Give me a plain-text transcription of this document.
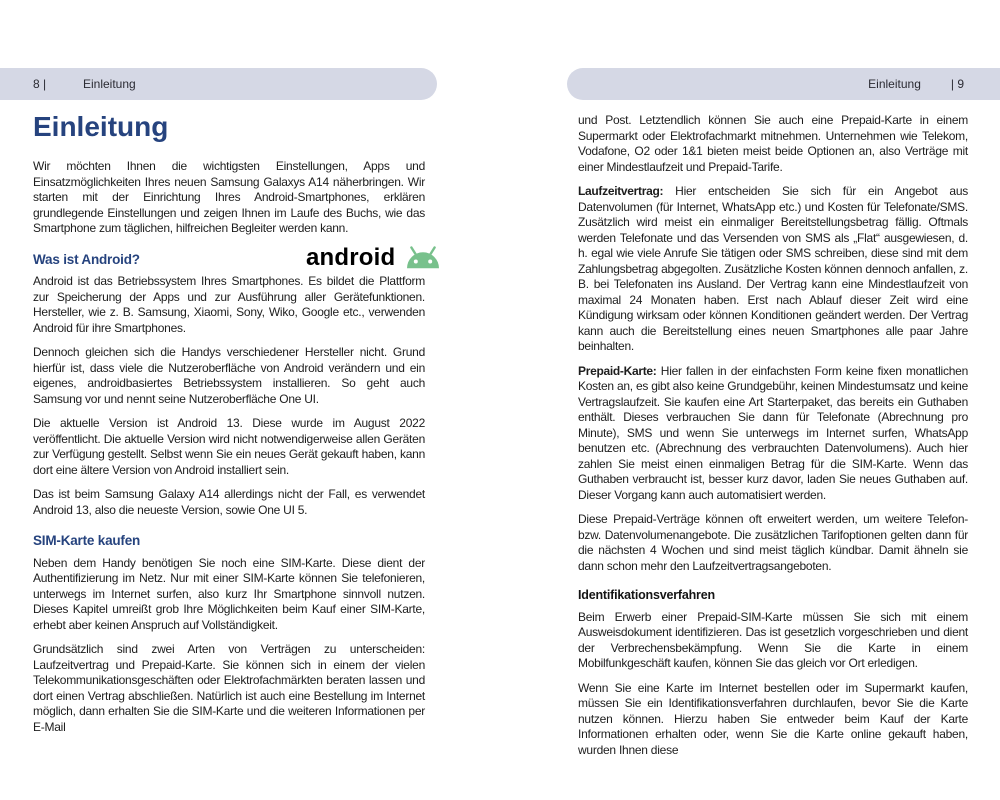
8 |	Einleitung	Einleitung	| 9
Einleitung

Wir möchten Ihnen die wichtigsten Einstellungen, Apps und Einsatzmöglichkeiten Ihres neuen Samsung Galaxys A14 näherbringen. Wir starten mit der Einrichtung Ihres Android-Smartphones, erklären grundlegende Einstellungen und zeigen Ihnen im Laufe des Buchs, wie das Smartphone zum täglichen, hilfreichen Begleiter werden kann.

Was ist Android?

Android ist das Betriebssystem Ihres Smartphones. Es bildet die Plattform zur Speicherung der Apps und zur Ausführung aller Gerätefunktionen. Hersteller, wie z. B. Samsung, Xiaomi, Sony, Wiko, Google etc., verwenden Android für ihre Smartphones.

Dennoch gleichen sich die Handys verschiedener Hersteller nicht. Grund hierfür ist, dass viele die Nutzeroberfläche von Android verändern und ein eigenes, androidbasiertes Betriebssystem installieren. So geht auch Samsung vor und nennt seine Nutzeroberfläche One UI.

Die aktuelle Version ist Android 13. Diese wurde im August 2022 veröffentlicht. Die aktuelle Version wird nicht notwendigerweise allen Geräten zur Verfügung gestellt. Selbst wenn Sie ein neues Gerät gekauft haben, kann dort eine ältere Version von Android installiert sein.

Das ist beim Samsung Galaxy A14 allerdings nicht der Fall, es verwendet Android 13, also die neueste Version, sowie One UI 5.

SIM-Karte kaufen

Neben dem Handy benötigen Sie noch eine SIM-Karte. Diese dient der Authentifizierung im Netz. Nur mit einer SIM-Karte können Sie telefonieren, unterwegs im Internet surfen, also kurz Ihr Smartphone sinnvoll nutzen. Dieses Kapitel umreißt grob Ihre Möglichkeiten beim Kauf einer SIM-Karte, erhebt aber keinen Anspruch auf Vollständigkeit.

Grundsätzlich sind zwei Arten von Verträgen zu unterscheiden: Laufzeitvertrag und Prepaid-Karte. Sie können sich in einem der vielen Telekommunikationsgeschäften oder Elektrofachmärkten beraten lassen und dort einen Vertrag abschließen. Natürlich ist auch eine Bestellung im Internet möglich, dann erhalten Sie die SIM-Karte und die weiteren Informationen per E-Mail

android

und Post. Letztendlich können Sie auch eine Prepaid-Karte in einem Supermarkt oder Elektrofachmarkt mitnehmen. Unternehmen wie Telekom, Vodafone, O2 oder 1&1 bieten meist beide Optionen an, also Verträge mit einer Mindestlaufzeit und Prepaid-Tarife.

Laufzeitvertrag: Hier entscheiden Sie sich für ein Angebot aus Datenvolumen (für Internet, WhatsApp etc.) und Kosten für Telefonate/SMS. Zusätzlich wird meist ein einmaliger Bereitstellungsbetrag fällig. Oftmals werden Telefonate und das Versenden von SMS als „Flat“ ausgewiesen, d. h. egal wie viele Anrufe Sie tätigen oder SMS schreiben, diese sind mit dem Zahlungsbetrag abgegolten. Zusätzliche Kosten können dennoch anfallen, z. B. bei Telefonaten ins Ausland. Der Vertrag kann eine Mindestlaufzeit von maximal 24 Monaten haben. Erst nach Ablauf dieser Zeit wird eine Kündigung wirksam oder können Konditionen geändert werden. Der Vertrag kann auch die Bereitstellung eines neuen Smartphones alle paar Jahre beinhalten.

Prepaid-Karte: Hier fallen in der einfachsten Form keine fixen monatlichen Kosten an, es gibt also keine Grundgebühr, keinen Mindestumsatz und keine Vertragslaufzeit. Sie kaufen eine Art Starterpaket, das bereits ein Guthaben enthält. Dieses verbrauchen Sie dann für Telefonate (Abrechnung pro Minute), SMS und wenn Sie unterwegs im Internet surfen, WhatsApp benutzen etc. (Abrechnung des verbrauchten Datenvolumens). Auch hier zahlen Sie meist einen einmaligen Betrag für die SIM-Karte. Wenn das Guthaben verbraucht ist, besser kurz davor, laden Sie neues Guthaben auf. Dieser Vorgang kann auch automatisiert werden.

Diese Prepaid-Verträge können oft erweitert werden, um weitere Telefon- bzw. Datenvolumenangebote. Die zusätzlichen Tarifoptionen gelten dann für die nächsten 4 Wochen und sind meist täglich kündbar. Damit ähneln sie dann schon mehr den Laufzeitvertragsangeboten.

Identifikationsverfahren

Beim Erwerb einer Prepaid-SIM-Karte müssen Sie sich mit einem Ausweisdokument identifizieren. Das ist gesetzlich vorgeschrieben und dient der Verbrechensbekämpfung. Wenn Sie die Karte in einem Mobilfunkgeschäft kaufen, können Sie das gleich vor Ort erledigen.

Wenn Sie eine Karte im Internet bestellen oder im Supermarkt kaufen, müssen Sie ein Identifikationsverfahren durchlaufen, bevor Sie die Karte nutzen können. Hierzu haben Sie entweder beim Kauf der Karte Informationen erhalten oder, wenn Sie die Karte online gekauft haben, wurden Ihnen diese
